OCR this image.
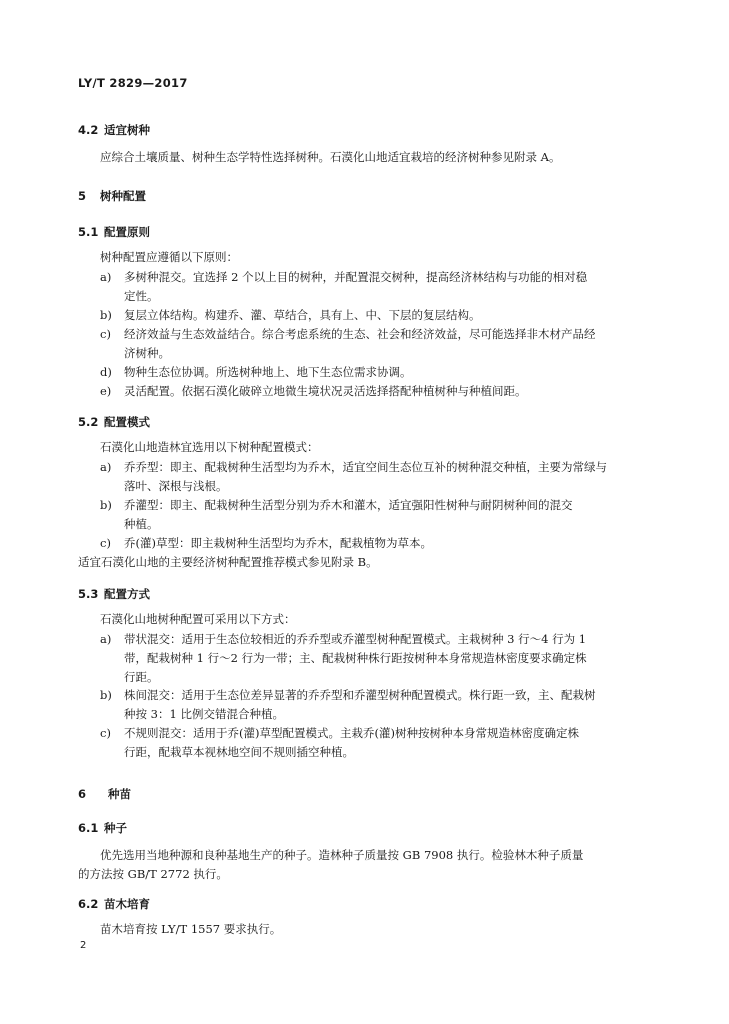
LY/T 2829—2017
4.2 适宜树种
应综合土壤质量、树种生态学特性选择树种。石漠化山地适宜栽培的经济树种参见附录 A。
5 树种配置
5.1 配置原则
树种配置应遵循以下原则：
a) 多树种混交。宜选择 2 个以上目的树种，并配置混交树种，提高经济林结构与功能的相对稳
定性。
b) 复层立体结构。构建乔、灌、草结合，具有上、中、下层的复层结构。
c) 经济效益与生态效益结合。综合考虑系统的生态、社会和经济效益，尽可能选择非木材产品经
济树种。
d) 物种生态位协调。所选树种地上、地下生态位需求协调。
e) 灵活配置。依据石漠化破碎立地微生境状况灵活选择搭配种植树种与种植间距。
5.2 配置模式
石漠化山地造林宜选用以下树种配置模式：
a) 乔乔型：即主、配栽树种生活型均为乔木，适宜空间生态位互补的树种混交种植，主要为常绿与
落叶、深根与浅根。
b) 乔灌型：即主、配栽树种生活型分别为乔木和灌木，适宜强阳性树种与耐阴树种间的混交
种植。
c) 乔(灌)草型：即主栽树种生活型均为乔木，配栽植物为草本。
适宜石漠化山地的主要经济树种配置推荐模式参见附录 B。
5.3 配置方式
石漠化山地树种配置可采用以下方式：
a) 带状混交：适用于生态位较相近的乔乔型或乔灌型树种配置模式。主栽树种 3 行～4 行为 1
带，配栽树种 1 行～2 行为一带；主、配栽树种株行距按树种本身常规造林密度要求确定株
行距。
b) 株间混交：适用于生态位差异显著的乔乔型和乔灌型树种配置模式。株行距一致，主、配栽树
种按 3：1 比例交错混合种植。
c) 不规则混交：适用于乔(灌)草型配置模式。主栽乔(灌)树种按树种本身常规造林密度确定株
行距，配栽草本视林地空间不规则插空种植。
6 种苗
6.1 种子
优先选用当地种源和良种基地生产的种子。造林种子质量按 GB 7908 执行。检验林木种子质量
的方法按 GB/T 2772 执行。
6.2 苗木培育
苗木培育按 LY/T 1557 要求执行。
2
